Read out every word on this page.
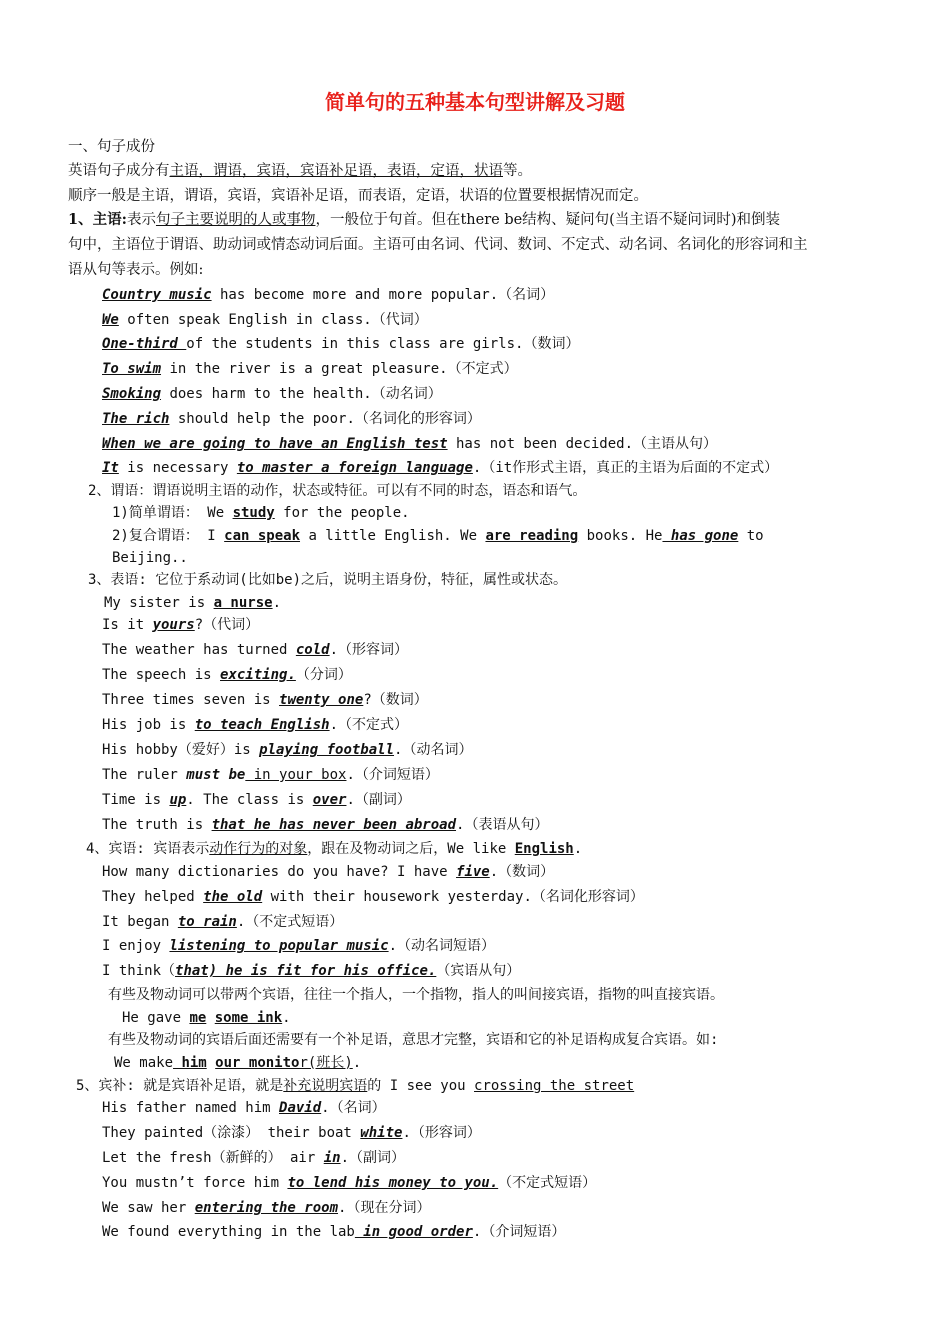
简单句的五种基本句型讲解及习题
一、句子成份
英语句子成分有主语，谓语，宾语，宾语补足语，表语，定语，状语等。
顺序一般是主语，谓语，宾语，宾语补足语，而表语，定语，状语的位置要根据情况而定。
1、主语:表示句子主要说明的人或事物，一般位于句首。但在there be结构、疑问句(当主语不疑问词时)和倒装
句中，主语位于谓语、助动词或情态动词后面。主语可由名词、代词、数词、不定式、动名词、名词化的形容词和主
语从句等表示。例如:
Country music has become more and more popular.（名词）
We often speak English in class.（代词）
One-third of the students in this class are girls.（数词）
To swim in the river is a great pleasure.（不定式）
Smoking does harm to the health.（动名词）
The rich should help the poor.（名词化的形容词）
When we are going to have an English test has not been decided.（主语从句）
It is necessary to master a foreign language.（it作形式主语，真正的主语为后面的不定式）
2、谓语：谓语说明主语的动作，状态或特征。可以有不同的时态，语态和语气。
1)简单谓语： We study for the people.
2)复合谓语： I can speak a little English. We are reading books. He has gone to
Beijing..
3、表语: 它位于系动词(比如be)之后，说明主语身份，特征，属性或状态。
My sister is a nurse.
Is it yours?（代词）
The weather has turned cold.（形容词）
The speech is exciting.（分词）
Three times seven is twenty one?（数词）
His job is to teach English.（不定式）
His hobby（爱好）is playing football.（动名词）
The ruler must be in your box.（介词短语）
Time is up. The class is over.（副词）
The truth is that he has never been abroad.（表语从句）
4、宾语: 宾语表示动作行为的对象，跟在及物动词之后，We like English.
How many dictionaries do you have? I have five.（数词）
They helped the old with their housework yesterday.（名词化形容词）
It began to rain.（不定式短语）
I enjoy listening to popular music.（动名词短语）
I think（that) he is fit for his office.（宾语从句）
有些及物动词可以带两个宾语，往往一个指人，一个指物，指人的叫间接宾语，指物的叫直接宾语。
He gave me some ink.
有些及物动词的宾语后面还需要有一个补足语，意思才完整，宾语和它的补足语构成复合宾语。如:
We make him our monitor(班长).
5、宾补: 就是宾语补足语，就是补充说明宾语的 I see you crossing the street
His father named him David.（名词）
They painted（涂漆） their boat white.（形容词）
Let the fresh（新鲜的） air in.（副词）
You mustn’t force him to lend his money to you.（不定式短语）
We saw her entering the room.（现在分词）
We found everything in the lab in good order.（介词短语）
